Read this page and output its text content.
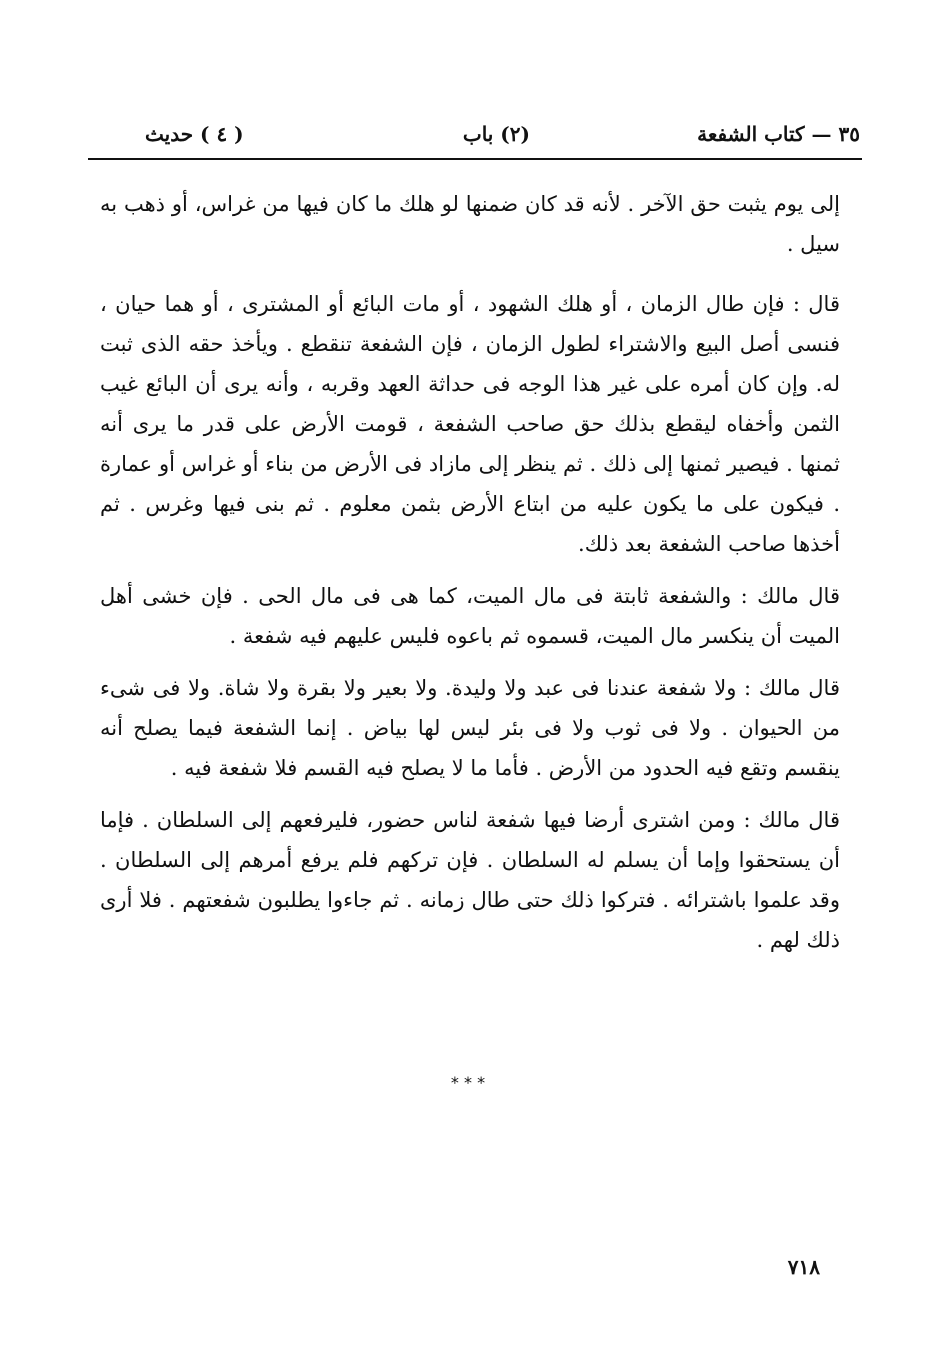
٣٥ — كتاب الشفعة
(٢) باب
( ٤ ) حديث

إلى يوم يثبت حق الآخر . لأنه قد كان ضمنها لو هلك ما كان فيها من غراس، أو ذهب به سيل .

قال : فإن طال الزمان ، أو هلك الشهود ، أو مات البائع أو المشترى ، أو هما حيان ، فنسى أصل البيع والاشتراء لطول الزمان ، فإن الشفعة تنقطع . ويأخذ حقه الذى ثبت له. وإن كان أمره على غير هذا الوجه فى حداثة العهد وقربه ، وأنه يرى أن البائع غيب الثمن وأخفاه ليقطع بذلك حق صاحب الشفعة ، قومت الأرض على قدر ما يرى أنه ثمنها . فيصير ثمنها إلى ذلك . ثم ينظر إلى مازاد فى الأرض من بناء أو غراس أو عمارة . فيكون على ما يكون عليه من ابتاع الأرض بثمن معلوم . ثم بنى فيها وغرس . ثم أخذها صاحب الشفعة بعد ذلك.

قال مالك : والشفعة ثابتة فى مال الميت، كما هى فى مال الحى . فإن خشى أهل الميت أن ينكسر مال الميت، قسموه ثم باعوه فليس عليهم فيه شفعة .

قال مالك : ولا شفعة عندنا فى عبد ولا وليدة. ولا بعير ولا بقرة ولا شاة. ولا فى شىء من الحيوان . ولا فى ثوب ولا فى بئر ليس لها بياض . إنما الشفعة فيما يصلح أنه ينقسم وتقع فيه الحدود من الأرض . فأما ما لا يصلح فيه القسم فلا شفعة فيه .

قال مالك : ومن اشترى أرضا فيها شفعة لناس حضور، فليرفعهم إلى السلطان . فإما أن يستحقوا وإما أن يسلم له السلطان . فإن تركهم فلم يرفع أمرهم إلى السلطان . وقد علموا باشترائه . فتركوا ذلك حتى طال زمانه . ثم جاءوا يطلبون شفعتهم . فلا أرى ذلك لهم .

* * *
٧١٨
